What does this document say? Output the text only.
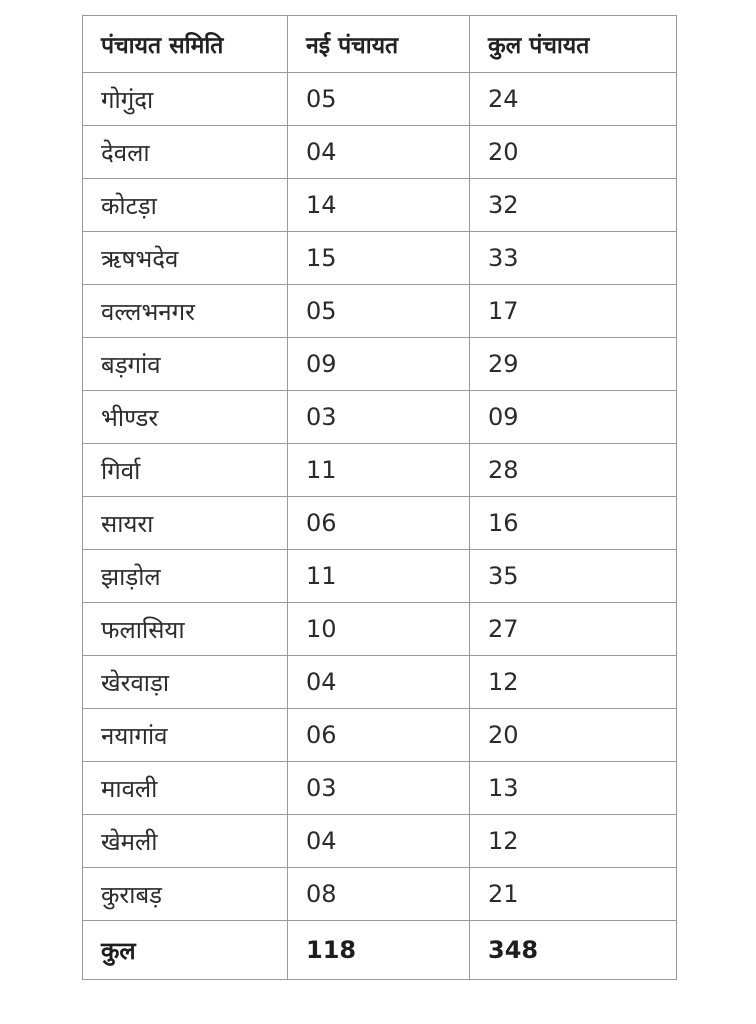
पंचायत समिति	नई पंचायत	कुल पंचायत
गोगुंदा	05	24
देवला	04	20
कोटड़ा	14	32
ऋषभदेव	15	33
वल्लभनगर	05	17
बड़गांव	09	29
भीण्डर	03	09
गिर्वा	11	28
सायरा	06	16
झाड़ोल	11	35
फलासिया	10	27
खेरवाड़ा	04	12
नयागांव	06	20
मावली	03	13
खेमली	04	12
कुराबड़	08	21
कुल	118	348
